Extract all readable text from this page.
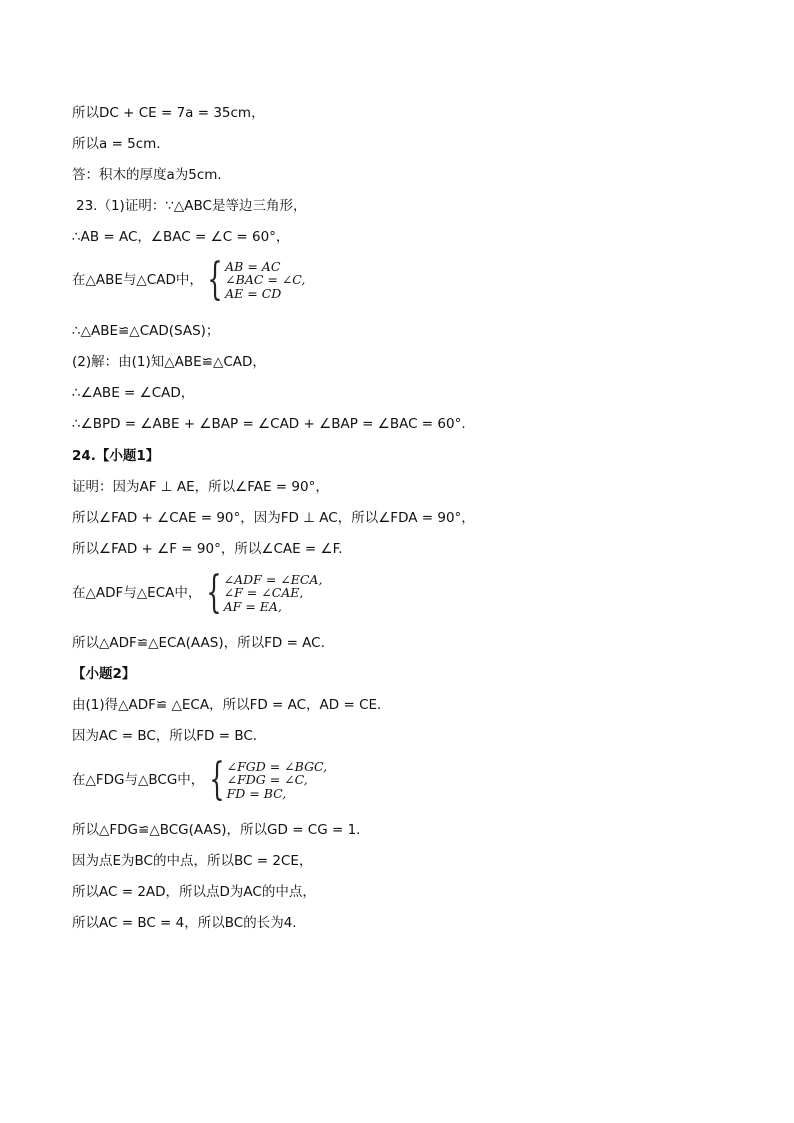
所以DC + CE = 7a = 35cm，
所以a = 5cm．
答：积木的厚度a为5cm．
23.（1)证明：∵△ABC是等边三角形，
∴AB = AC，∠BAC = ∠C = 60°，
在△ABE与△CAD中， { AB = AC
∠BAC = ∠C,
AE = CD
∴△ABE≌△CAD(SAS)；
(2)解：由(1)知△ABE≌△CAD，
∴∠ABE = ∠CAD，
∴∠BPD = ∠ABE + ∠BAP = ∠CAD + ∠BAP = ∠BAC = 60°.
24.【小题1】
证明：因为AF ⊥ AE，所以∠FAE = 90°，
所以∠FAD + ∠CAE = 90°，因为FD ⊥ AC，所以∠FDA = 90°，
所以∠FAD + ∠F = 90°，所以∠CAE = ∠F.
在△ADF与△ECA中， { ∠ADF = ∠ECA,
∠F = ∠CAE,
AF = EA,
所以△ADF≌△ECA(AAS)，所以FD = AC．
【小题2】
由(1)得△ADF≌ △ECA，所以FD = AC，AD = CE．
因为AC = BC，所以FD = BC．
在△FDG与△BCG中， { ∠FGD = ∠BGC,
∠FDG = ∠C,
FD = BC,
所以△FDG≌△BCG(AAS)，所以GD = CG = 1.
因为点E为BC的中点，所以BC = 2CE，
所以AC = 2AD，所以点D为AC的中点，
所以AC = BC = 4，所以BC的长为4.
